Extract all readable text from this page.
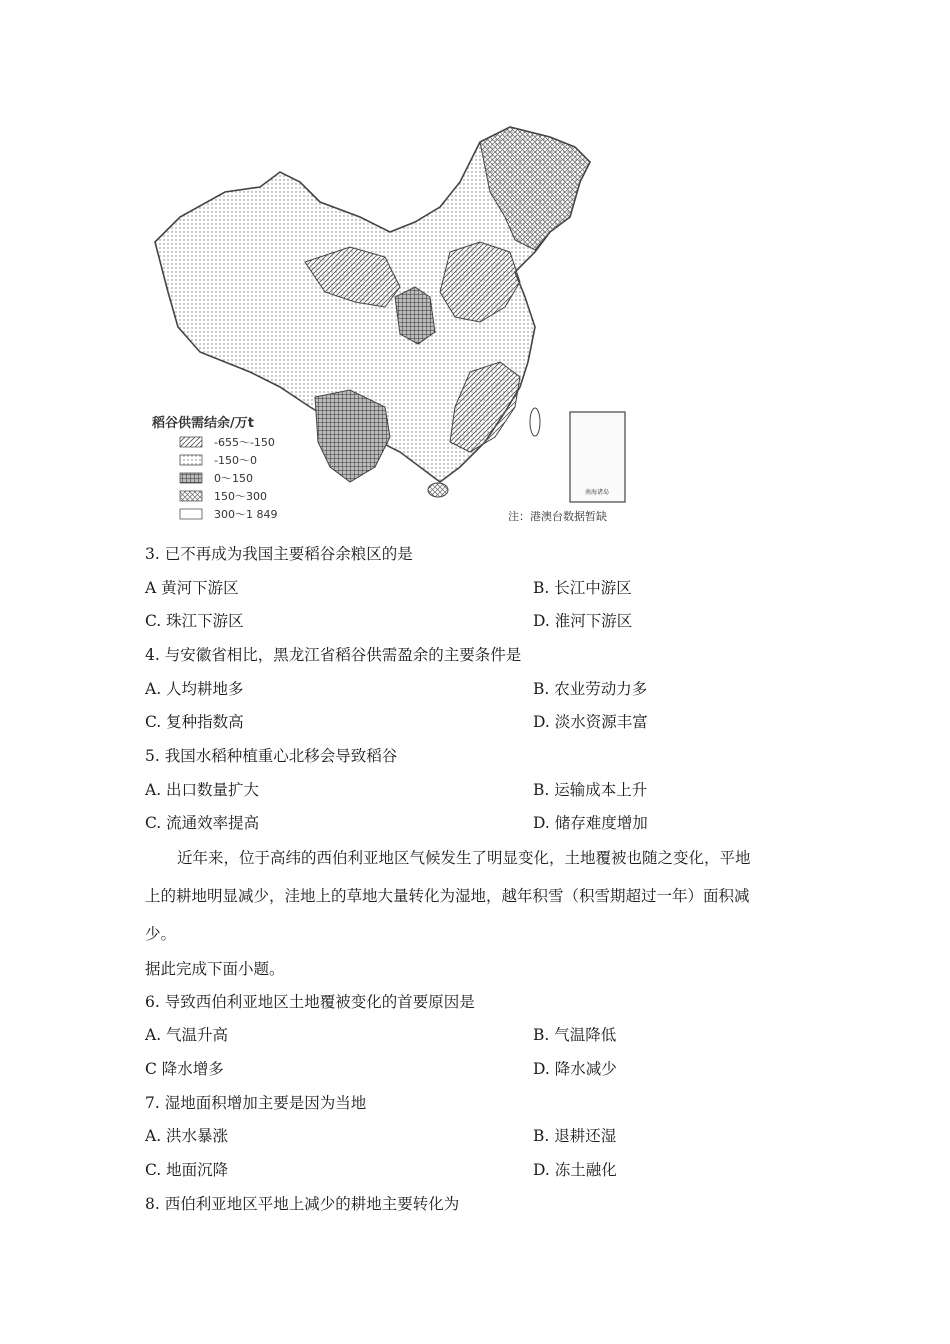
南海诸岛
稻谷供需结余/万t
-655～-150
-150～0
0～150
150～300
300～1 849	注：港澳台数据暂缺
3. 已不再成为我国主要稻谷余粮区的是
A 黄河下游区	B. 长江中游区
C. 珠江下游区	D. 淮河下游区
4. 与安徽省相比，黑龙江省稻谷供需盈余的主要条件是
A. 人均耕地多	B. 农业劳动力多
C. 复种指数高	D. 淡水资源丰富
5. 我国水稻种植重心北移会导致稻谷
A. 出口数量扩大	B. 运输成本上升
C. 流通效率提高	D. 储存难度增加
近年来，位于高纬的西伯利亚地区气候发生了明显变化，土地覆被也随之变化，平地
上的耕地明显减少，洼地上的草地大量转化为湿地，越年积雪（积雪期超过一年）面积减
少。
据此完成下面小题。
6. 导致西伯利亚地区土地覆被变化的首要原因是
A. 气温升高	B. 气温降低
C 降水增多	D. 降水减少
7. 湿地面积增加主要是因为当地
A. 洪水暴涨	B. 退耕还湿
C. 地面沉降	D. 冻土融化
8. 西伯利亚地区平地上减少的耕地主要转化为
